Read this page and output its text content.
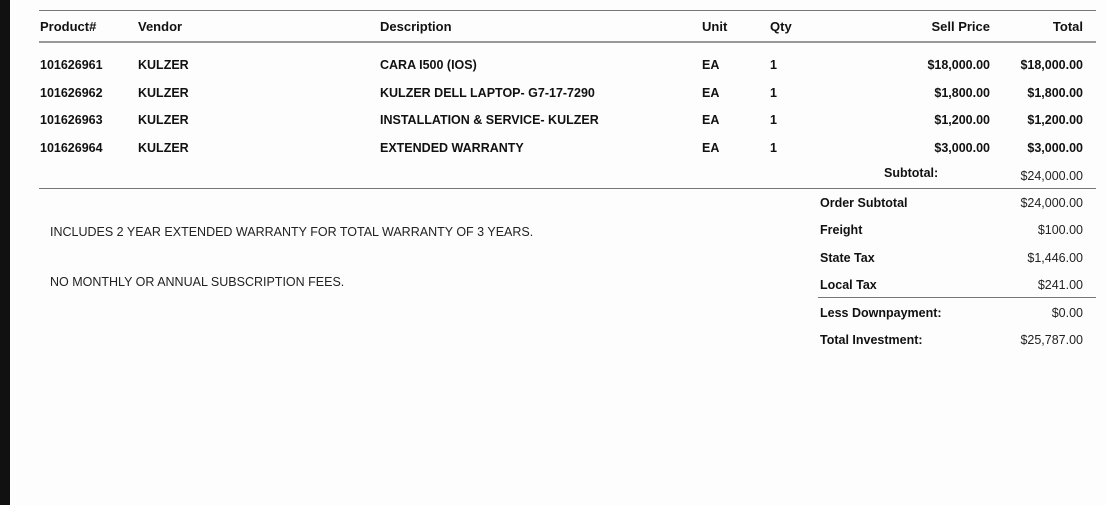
Product#	Vendor	Description	Unit	Qty	Sell Price	Total
101626961	KULZER	CARA I500 (IOS)	EA	1	$18,000.00 $18,000.00
101626962	KULZER	KULZER DELL LAPTOP- G7-17-7290	EA	1	$1,800.00	$1,800.00
101626963	KULZER	INSTALLATION & SERVICE- KULZER	EA	1	$1,200.00	$1,200.00
101626964	KULZER	EXTENDED WARRANTY	EA	1	$3,000.00	$3,000.00
Subtotal:	$24,000.00
INCLUDES 2 YEAR EXTENDED WARRANTY FOR TOTAL WARRANTY OF 3 YEARS.
NO MONTHLY OR ANNUAL SUBSCRIPTION FEES.
Order Subtotal	$24,000.00
Freight	$100.00
State Tax	$1,446.00
Local Tax	$241.00
Less Downpayment:	$0.00
Total Investment:	$25,787.00
